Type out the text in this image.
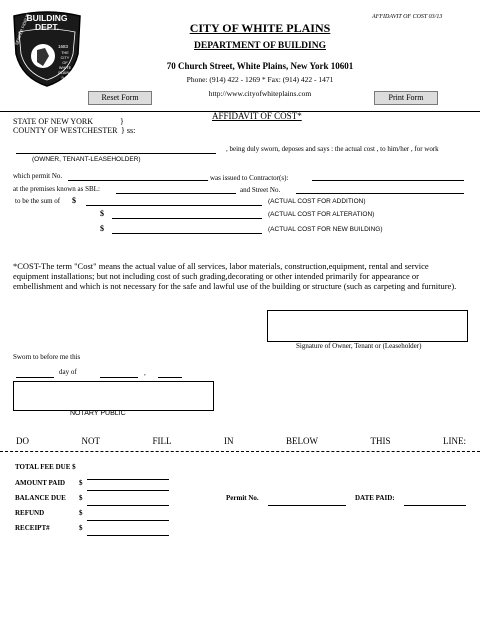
AFFIDAVIT OF COST 03/13
BUILDING DEPT.
SEMPER FIDELIS
1683
THE CITY OF WHITE PLAINS N.Y.
CITY OF WHITE PLAINS
DEPARTMENT OF BUILDING
70 Church Street, White Plains, New York 10601
Phone: (914) 422 - 1269 * Fax: (914) 422 - 1471
http://www.cityofwhiteplains.com
Reset Form	Print Form
STATE OF NEW YORK	}
COUNTY OF WESTCHESTER } ss:
AFFIDAVIT OF COST*
, being duly sworn, deposes and says : the actual cost , to him/her , for work
(OWNER, TENANT-LEASEHOLDER)
which permit No.	was issued to Contractor(s):
at the premises known as SBL:	and Street No.
to be the sum of $	(ACTUAL COST FOR ADDITION)
$	(ACTUAL COST FOR ALTERATION)
$	(ACTUAL COST FOR NEW BUILDING)
*COST-The term "Cost" means the actual value of all services, labor materials, construction,equipment, rental and service equipment installations; but not including cost of such grading,decorating or other intended primarily for appearance or embellishment and which is not necessary for the safe and lawful use of the building or structure (such as carpeting and furniture).
Signature of Owner, Tenant or (Leaseholder)
Sworn to before me this
day of	,
NOTARY PUBLIC
DO	NOT	FILL	IN	BELOW	THIS	LINE:
TOTAL FEE DUE $
AMOUNT PAID $
BALANCE DUE $	Permit No.	DATE PAID:
REFUND	$
RECEIPT#	$
